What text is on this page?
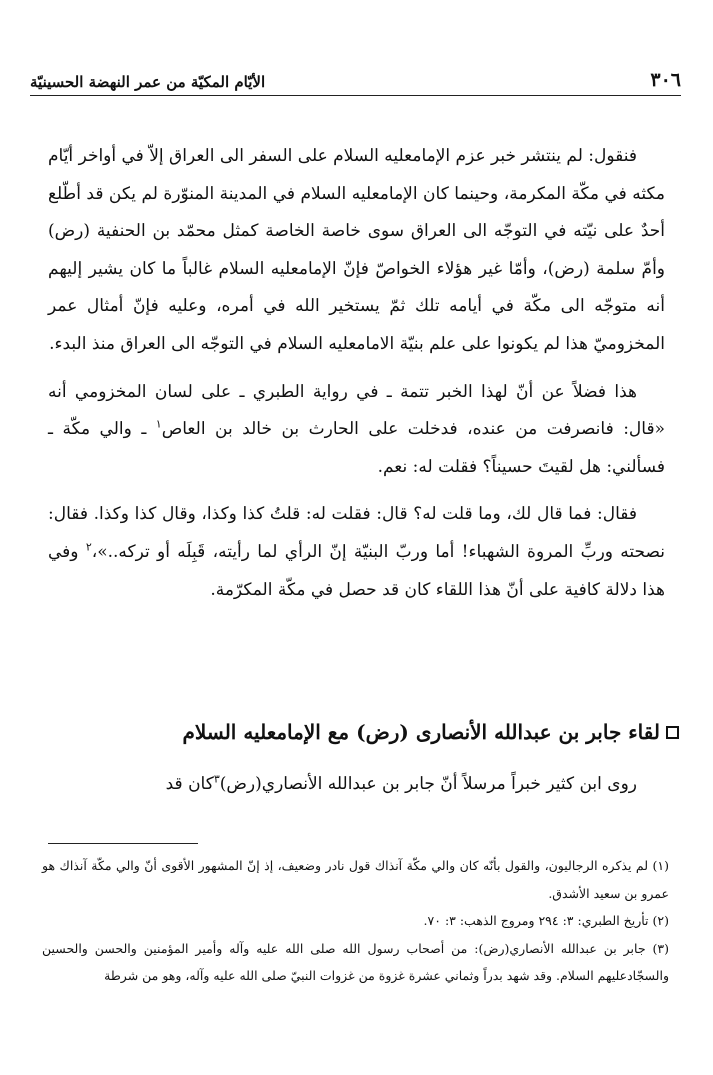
٣٠٦
الأيّام المكيّة من عمر النهضة الحسينيّة

فنقول: لم ينتشر خبر عزم الإمامعليه السلام على السفر الى العراق إلاّ في أواخر أيّام مكثه في مكّة المكرمة، وحينما كان الإمامعليه السلام في المدينة المنوّرة لم يكن قد أطّلع أحدٌ على نيّته في التوجّه الى العراق سوى خاصة الخاصة كمثل محمّد بن الحنفية (رض) وأمّ سلمة (رض)، وأمّا غير هؤلاء الخواصّ فإنّ الإمامعليه السلام غالباً ما كان يشير إليهم أنه متوجّه الى مكّة في أيامه تلك ثمّ يستخير الله في أمره، وعليه فإنّ أمثال عمر المخزوميّ هذا لم يكونوا على علم بنيّة الامامعليه السلام في التوجّه الى العراق منذ البدء.

هذا فضلاً عن أنّ لهذا الخبر تتمة ـ في رواية الطبري ـ على لسان المخزومي أنه «قال: فانصرفت من عنده، فدخلت على الحارث بن خالد بن العاص$^١$ ـ والي مكّة ـ فسألني: هل لقيتَ حسيناً؟ فقلت له: نعم.

فقال: فما قال لك، وما قلت له؟ قال: فقلت له: قلتُ كذا وكذا، وقال كذا وكذا. فقال: نصحته وربِّ المروة الشهباء! أما وربّ البنيّة إنّ الرأي لما رأيته، قَبِلَه أو تركه..»،$^٢$ وفي هذا دلالة كافية على أنّ هذا اللقاء كان قد حصل في مكّة المكرّمة.

لقاء جابر بن عبدالله الأنصارى (رض) مع الإمامعليه السلام

روى ابن كثير خبراً مرسلاً أنّ جابر بن عبدالله الأنصاري(رض)$^٣$كان قد

(١) لم يذكره الرجاليون، والقول بأنّه كان والي مكّة آنذاك قول نادر وضعيف، إذ إنّ المشهور الأقوى أنّ والي مكّة آنذاك هو عمرو بن سعيد الأشدق.

(٢) تأريخ الطبري: ٣: ٢٩٤ ومروج الذهب: ٣: ٧٠.

(٣) جابر بن عبدالله الأنصاري(رض): من أصحاب رسول الله صلى الله عليه وآله وأمير المؤمنين والحسن والحسين والسجّادعليهم السلام. وقد شهد بدراً وثماني عشرة غزوة من غزوات النبيّ صلى الله عليه وآله، وهو من شرطة
